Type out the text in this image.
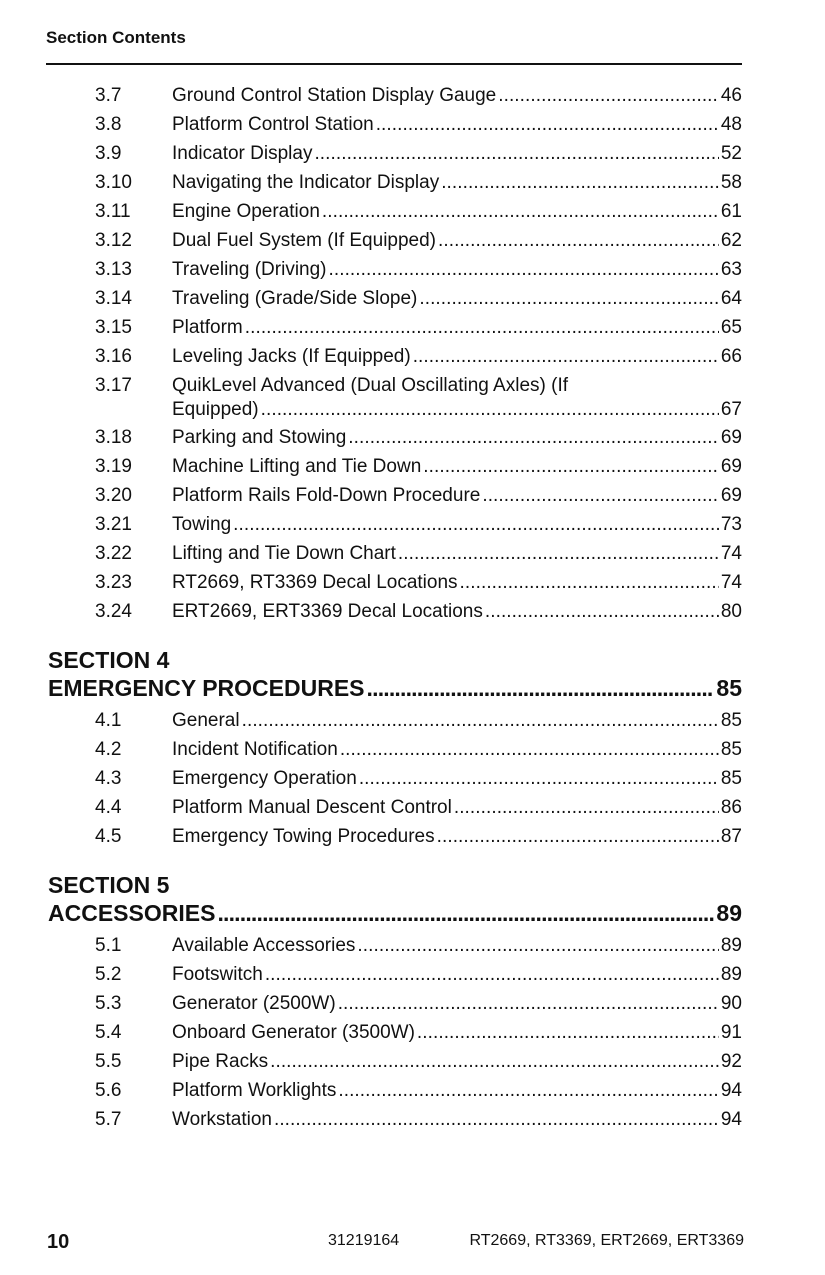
Section Contents
3.7	Ground Control Station Display Gauge . . .	46
3.8	Platform Control Station . . .	48
3.9	Indicator Display . . .	52
3.10 Navigating the Indicator Display . . .	58
3.11 Engine Operation . . .	61
3.12 Dual Fuel System (If Equipped) . . .	62
3.13 Traveling (Driving) . . .	63
3.14 Traveling (Grade/Side Slope) . . .	64
3.15 Platform . . .	65
3.16 Leveling Jacks (If Equipped) . . .	66
3.17 QuikLevel Advanced (Dual Oscillating Axles) (If
Equipped) . . .	67
3.18 Parking and Stowing . . .	69
3.19 Machine Lifting and Tie Down . . .	69
3.20 Platform Rails Fold-Down Procedure . . .	69
3.21 Towing . . .	73
3.22 Lifting and Tie Down Chart . . .	74
3.23 RT2669, RT3369 Decal Locations . . .	74
3.24 ERT2669, ERT3369 Decal Locations . . .	80
SECTION 4
EMERGENCY PROCEDURES . . .	85
4.1	General . . .	85
4.2	Incident Notification . . .	85
4.3	Emergency Operation . . .	85
4.4	Platform Manual Descent Control . . .	86
4.5	Emergency Towing Procedures . . .	87
SECTION 5
ACCESSORIES . . .	89
5.1	Available Accessories . . .	89
5.2	Footswitch . . .	89
5.3	Generator (2500W) . . .	90
5.4	Onboard Generator (3500W) . . .	91
5.5	Pipe Racks . . .	92
5.6	Platform Worklights . . .	94
5.7	Workstation . . .	94
10	31219164	RT2669, RT3369, ERT2669, ERT3369
